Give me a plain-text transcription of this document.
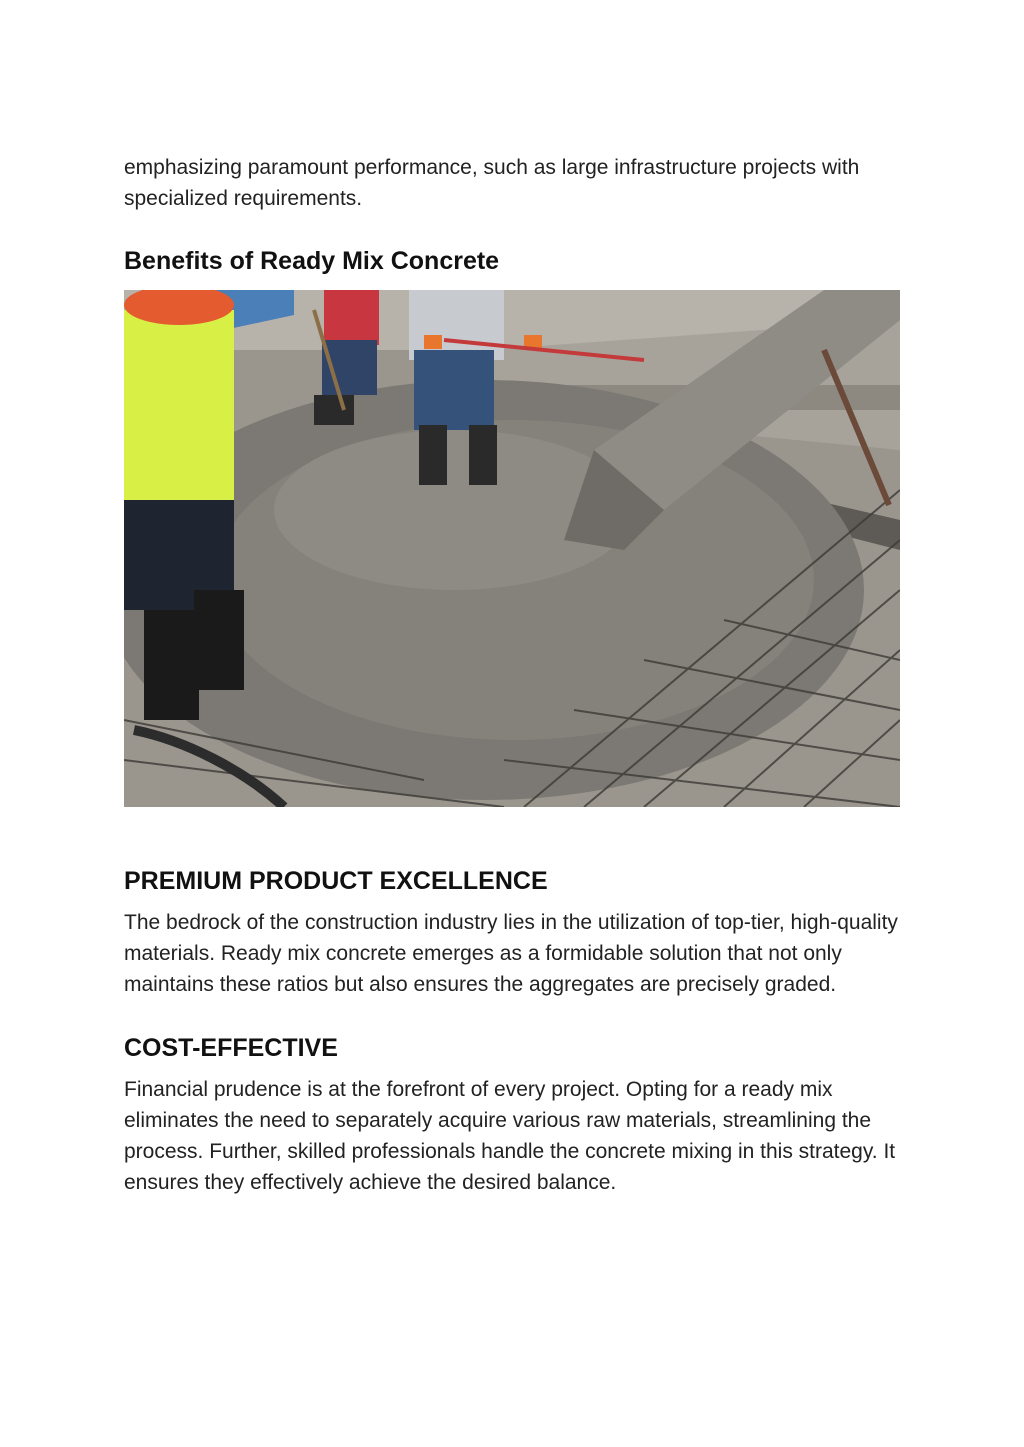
emphasizing paramount performance, such as large infrastructure projects with specialized requirements.

Benefits of Ready Mix Concrete
PREMIUM PRODUCT EXCELLENCE

The bedrock of the construction industry lies in the utilization of top-tier, high-quality materials. Ready mix concrete emerges as a formidable solution that not only maintains these ratios but also ensures the aggregates are precisely graded.

COST-EFFECTIVE

Financial prudence is at the forefront of every project. Opting for a ready mix eliminates the need to separately acquire various raw materials, streamlining the process. Further, skilled professionals handle the concrete mixing in this strategy. It ensures they effectively achieve the desired balance.
